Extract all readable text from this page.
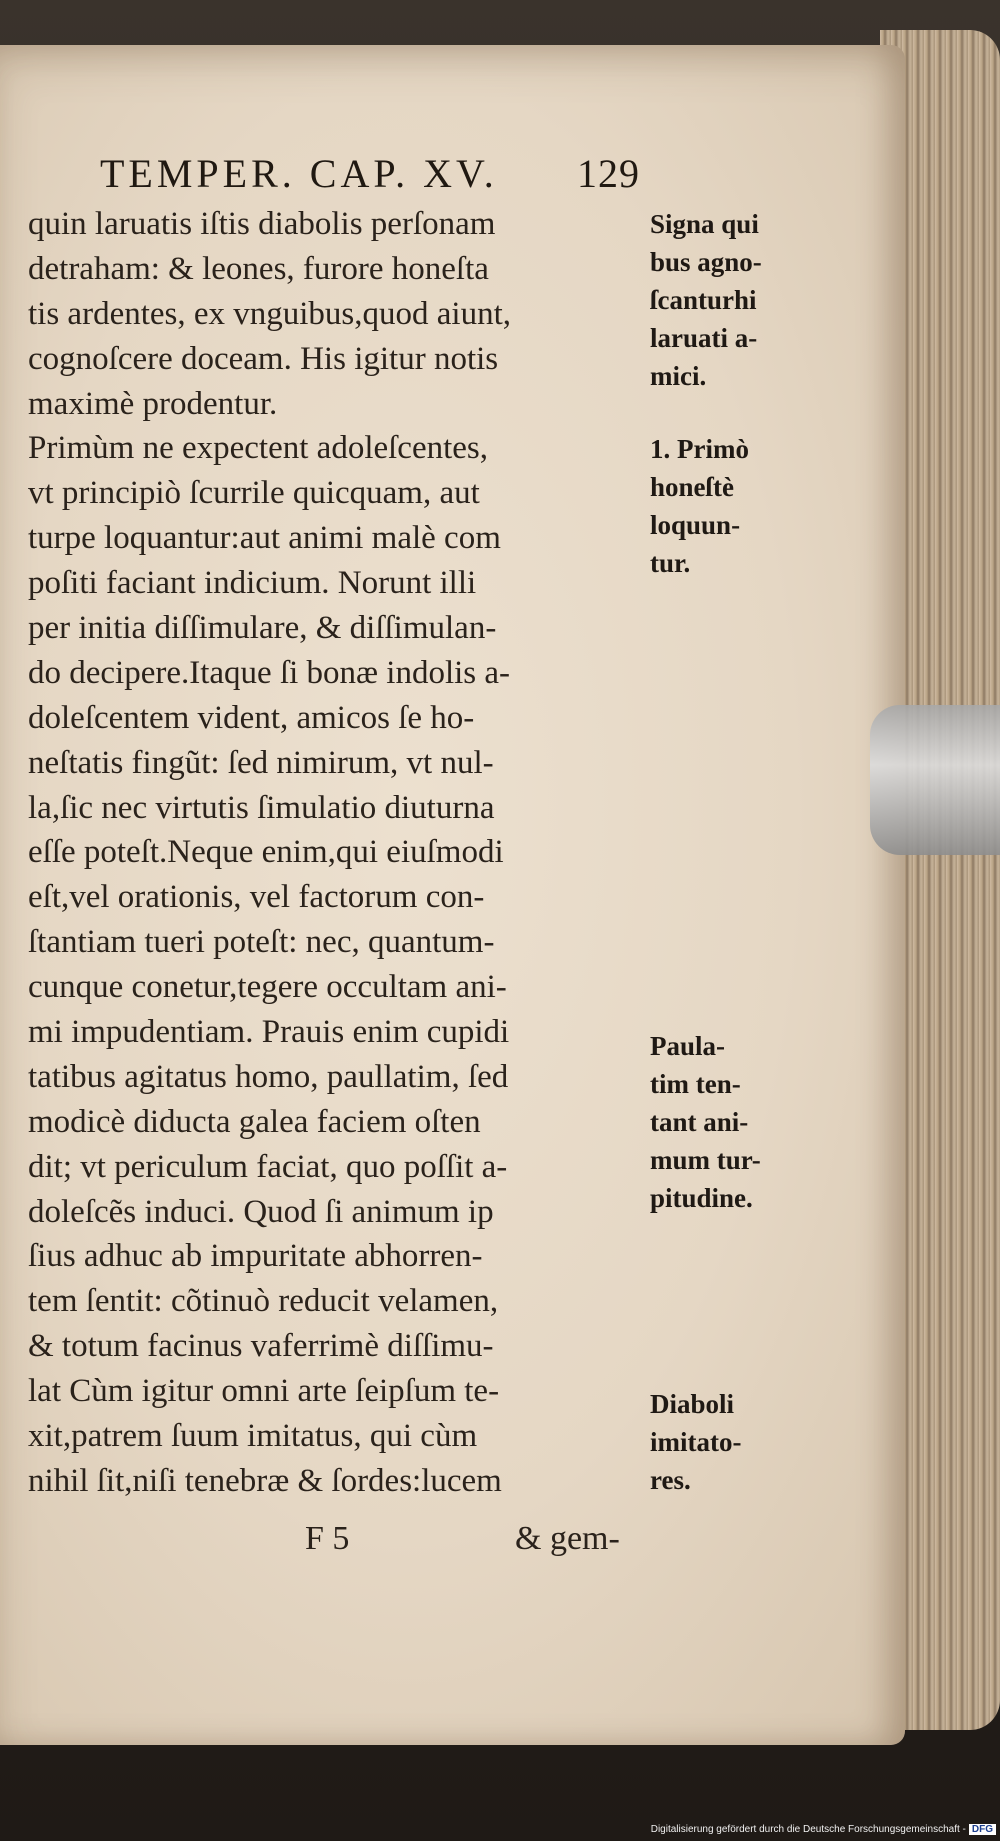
TEMPER. CAP. XV. 129
quin laruatis iſtis diabolis perſonam
detraham: & leones, furore honeſta
tis ardentes, ex vnguibus,quod aiunt,
cognoſcere doceam. His igitur notis
maximè prodentur.
Primùm ne expectent adoleſcentes,
vt principiò ſcurrile quicquam, aut
turpe loquantur:aut animi malè com
poſiti faciant indicium. Norunt illi
per initia diſſimulare, & diſſimulan-
do decipere.Itaque ſi bonæ indolis a-
doleſcentem vident, amicos ſe ho-
neſtatis fingũt: ſed nimirum, vt nul-
la,ſic nec virtutis ſimulatio diuturna
eſſe poteſt.Neque enim,qui eiuſmodi
eſt,vel orationis, vel factorum con-
ſtantiam tueri poteſt: nec, quantum-
cunque conetur,tegere occultam ani-
mi impudentiam. Prauis enim cupidi
tatibus agitatus homo, paullatim, ſed
modicè diducta galea faciem oſten
dit; vt periculum faciat, quo poſſit a-
doleſcẽs induci. Quod ſi animum ip
ſius adhuc ab impuritate abhorren-
tem ſentit: cõtinuò reducit velamen,
& totum facinus vaferrimè diſſimu-
lat Cùm igitur omni arte ſeipſum te-
xit,patrem ſuum imitatus, qui cùm
nihil ſit,niſi tenebræ & ſordes:lucem
Signa qui
bus agno-
ſcanturhi
laruati a-
mici.
1. Primò
honeſtè
loquun-
tur.
Paula-
tim ten-
tant ani-
mum tur-
pitudine.
Diaboli
imitato-
res.
F 5	& gem-
Digitalisierung gefördert durch die Deutsche Forschungsgemeinschaft - DFG
